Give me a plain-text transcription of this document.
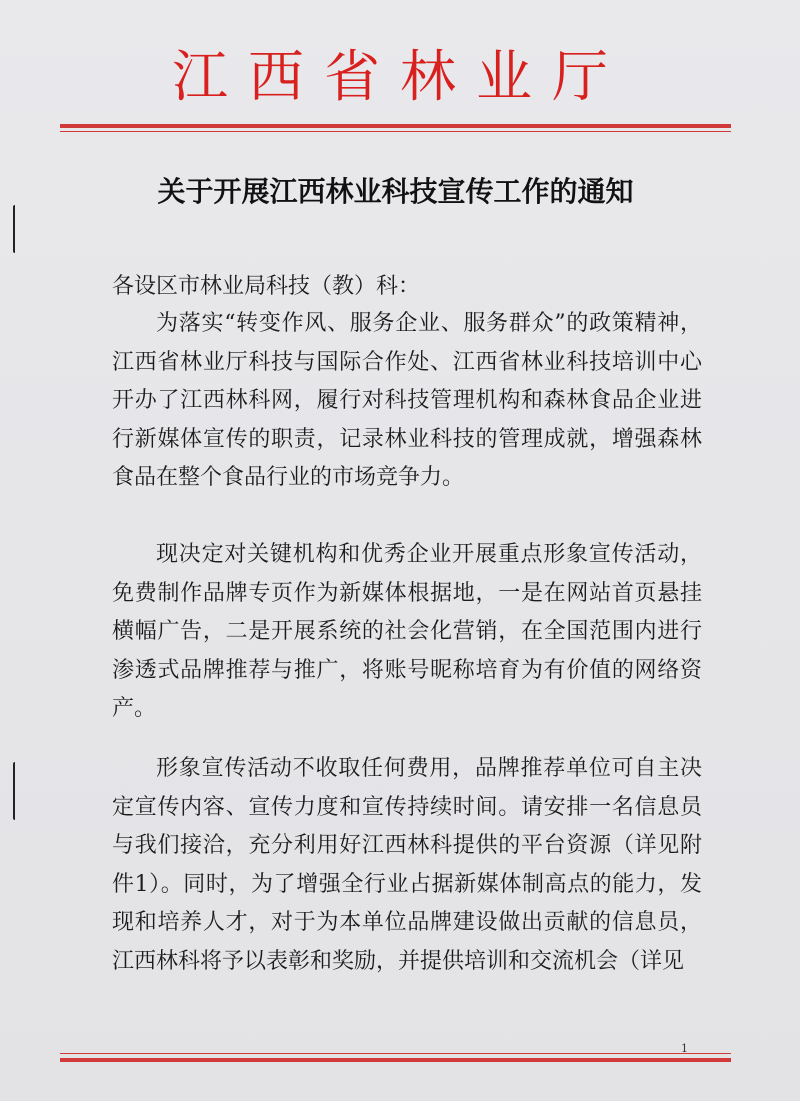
江西省林业厅
关于开展江西林业科技宣传工作的通知

各设区市林业局科技（教）科：

为落实“转变作风、服务企业、服务群众”的政策精神，江西省林业厅科技与国际合作处、江西省林业科技培训中心开办了江西林科网，履行对科技管理机构和森林食品企业进行新媒体宣传的职责，记录林业科技的管理成就，增强森林食品在整个食品行业的市场竞争力。

现决定对关键机构和优秀企业开展重点形象宣传活动，免费制作品牌专页作为新媒体根据地，一是在网站首页悬挂横幅广告，二是开展系统的社会化营销，在全国范围内进行渗透式品牌推荐与推广，将账号昵称培育为有价值的网络资产。

形象宣传活动不收取任何费用，品牌推荐单位可自主决定宣传内容、宣传力度和宣传持续时间。请安排一名信息员与我们接洽，充分利用好江西林科提供的平台资源（详见附件1）。同时，为了增强全行业占据新媒体制高点的能力，发现和培养人才，对于为本单位品牌建设做出贡献的信息员，江西林科将予以表彰和奖励，并提供培训和交流机会（详见

1
